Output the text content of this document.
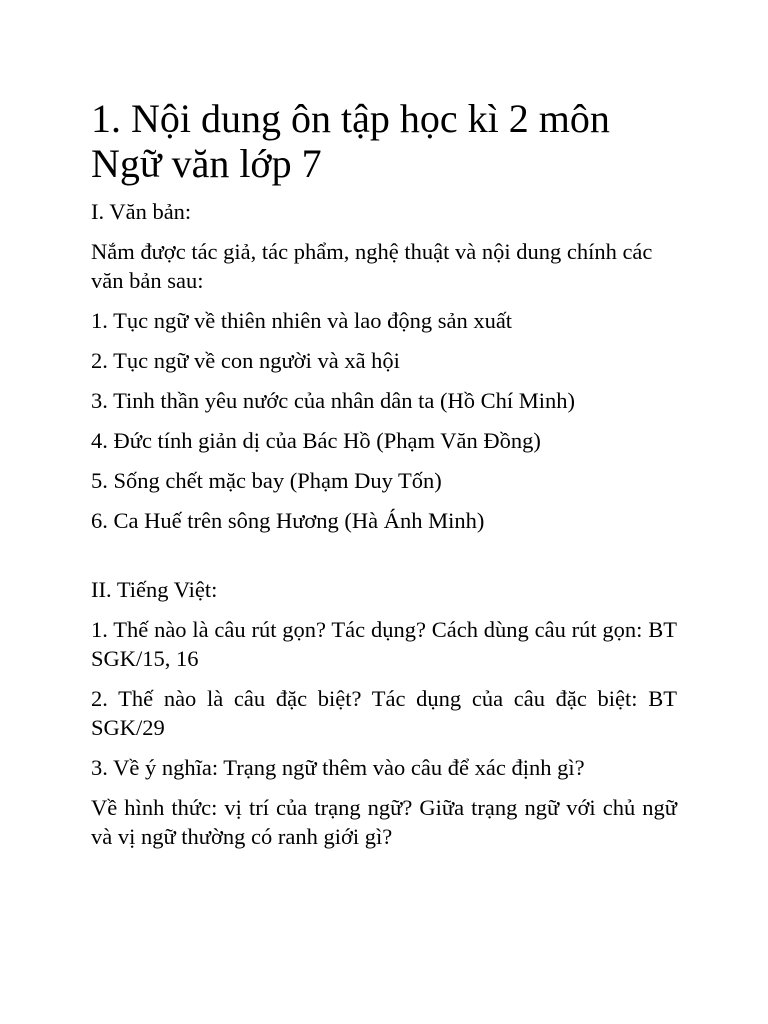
1. Nội dung ôn tập học kì 2 môn Ngữ văn lớp 7

I. Văn bản:

Nắm được tác giả, tác phẩm, nghệ thuật và nội dung chính các văn bản sau:

1. Tục ngữ về thiên nhiên và lao động sản xuất

2. Tục ngữ về con người và xã hội

3. Tinh thần yêu nước của nhân dân ta (Hồ Chí Minh)

4. Đức tính giản dị của Bác Hồ (Phạm Văn Đồng)

5. Sống chết mặc bay (Phạm Duy Tốn)

6. Ca Huế trên sông Hương (Hà Ánh Minh)

II. Tiếng Việt:

1. Thế nào là câu rút gọn? Tác dụng? Cách dùng câu rút gọn: BT SGK/15, 16

2. Thế nào là câu đặc biệt? Tác dụng của câu đặc biệt: BT SGK/29

3. Về ý nghĩa: Trạng ngữ thêm vào câu để xác định gì?

Về hình thức: vị trí của trạng ngữ? Giữa trạng ngữ với chủ ngữ và vị ngữ thường có ranh giới gì?
